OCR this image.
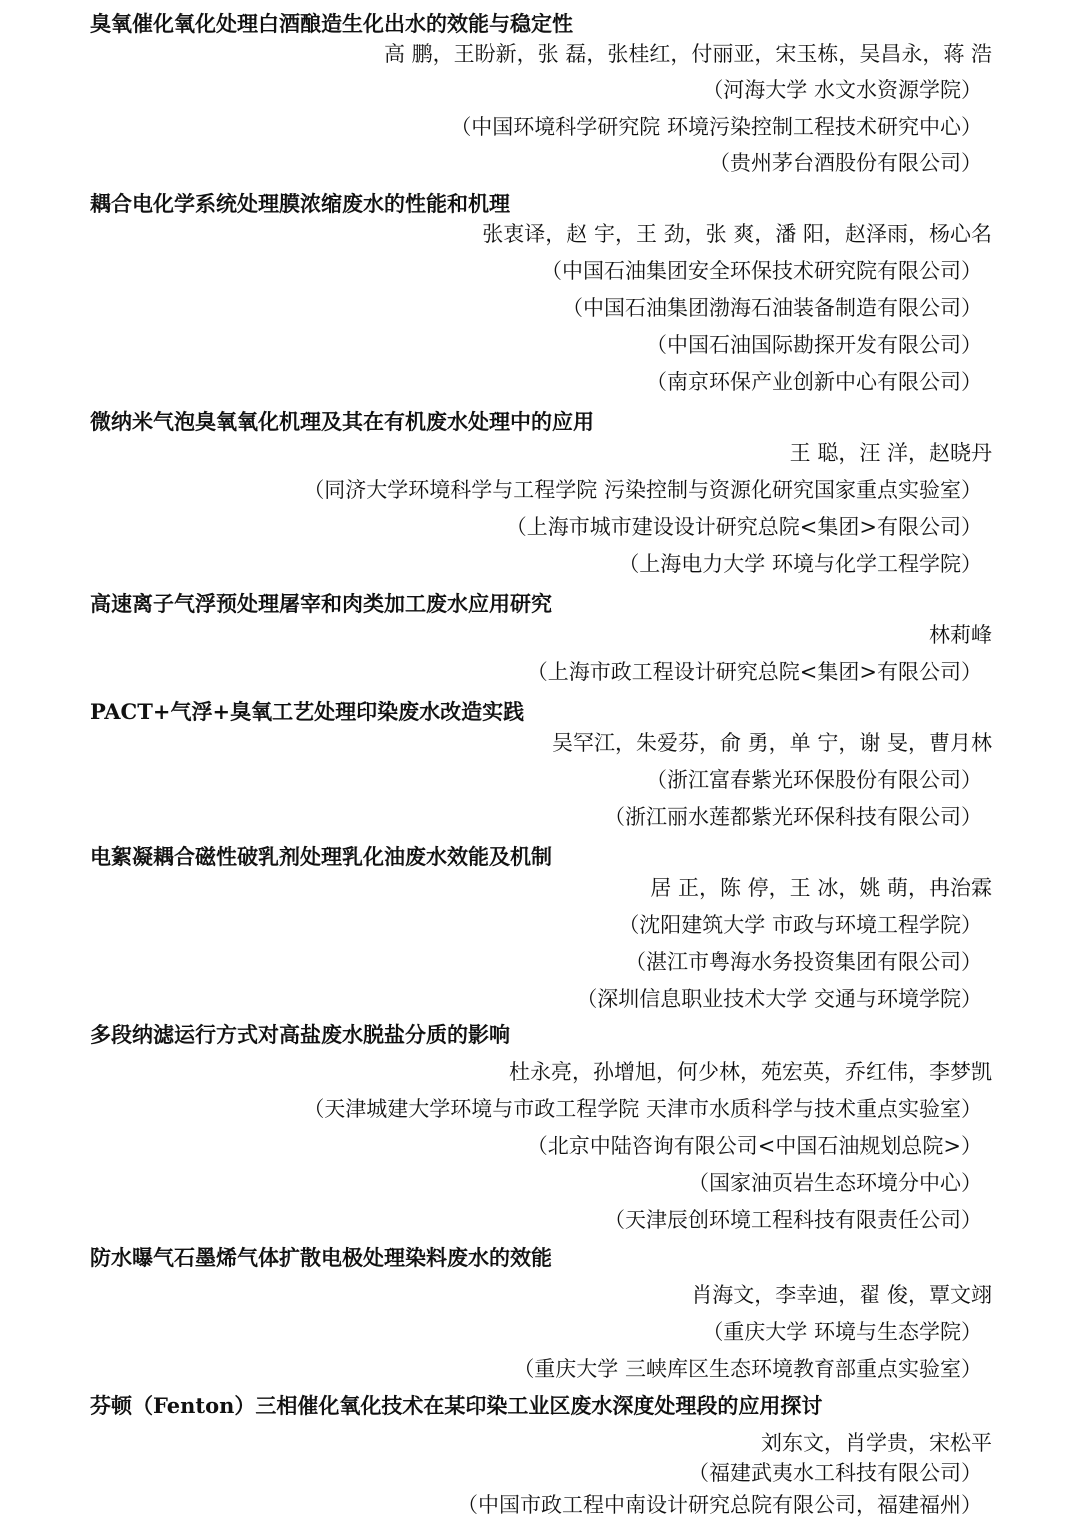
臭氧催化氧化处理白酒酿造生化出水的效能与稳定性
高 鹏，王盼新，张 磊，张桂红，付丽亚，宋玉栋，吴昌永，蒋 浩
（河海大学 水文水资源学院）
（中国环境科学研究院 环境污染控制工程技术研究中心）
（贵州茅台酒股份有限公司）
耦合电化学系统处理膜浓缩废水的性能和机理
张衷译，赵 宇，王 劲，张 爽，潘 阳，赵泽雨，杨心名
（中国石油集团安全环保技术研究院有限公司）
（中国石油集团渤海石油装备制造有限公司）
（中国石油国际勘探开发有限公司）
（南京环保产业创新中心有限公司）
微纳米气泡臭氧氧化机理及其在有机废水处理中的应用
王 聪，汪 洋，赵晓丹
（同济大学环境科学与工程学院 污染控制与资源化研究国家重点实验室）
（上海市城市建设设计研究总院<集团>有限公司）
（上海电力大学 环境与化学工程学院）
高速离子气浮预处理屠宰和肉类加工废水应用研究
林莉峰
（上海市政工程设计研究总院<集团>有限公司）
PACT+气浮+臭氧工艺处理印染废水改造实践
吴罕江，朱爱芬，俞 勇，单 宁，谢 旻，曹月林
（浙江富春紫光环保股份有限公司）
（浙江丽水莲都紫光环保科技有限公司）
电絮凝耦合磁性破乳剂处理乳化油废水效能及机制
居 正，陈 停，王 冰，姚 萌，冉治霖
（沈阳建筑大学 市政与环境工程学院）
（湛江市粤海水务投资集团有限公司）
（深圳信息职业技术大学 交通与环境学院）
多段纳滤运行方式对高盐废水脱盐分质的影响
杜永亮，孙增旭，何少林，苑宏英，乔红伟，李梦凯
（天津城建大学环境与市政工程学院 天津市水质科学与技术重点实验室）
（北京中陆咨询有限公司<中国石油规划总院>）
（国家油页岩生态环境分中心）
（天津辰创环境工程科技有限责任公司）
防水曝气石墨烯气体扩散电极处理染料废水的效能
肖海文，李幸迪，翟 俊，覃文翊
（重庆大学 环境与生态学院）
（重庆大学 三峡库区生态环境教育部重点实验室）
芬顿（Fenton）三相催化氧化技术在某印染工业区废水深度处理段的应用探讨
刘东文，肖学贵，宋松平
（福建武夷水工科技有限公司）
（中国市政工程中南设计研究总院有限公司，福建福州）
